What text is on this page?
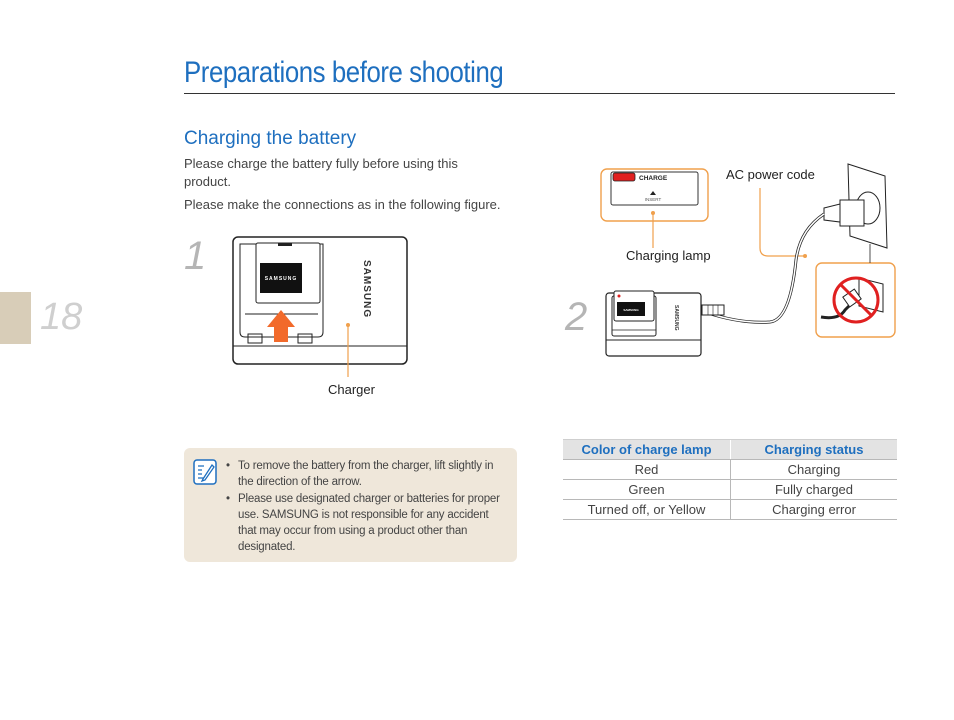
Preparations before shooting
18
Charging the battery
Please charge the battery fully before using this product.
Please make the connections as in the following figure.
1
2
SAMSUNG	SAMSUNG
Charger
CHARGE
INSERT
Charging lamp
AC power code
SAMSUNG	SAMSUNG
• To remove the battery from the charger, lift slightly in the direction of the arrow.
• Please use designated charger or batteries for proper use. SAMSUNG is not responsible for any accident that may occur from using a product other than designated.
Color of charge lamp	Charging status
Red	Charging
Green	Fully charged
Turned off, or Yellow	Charging error
